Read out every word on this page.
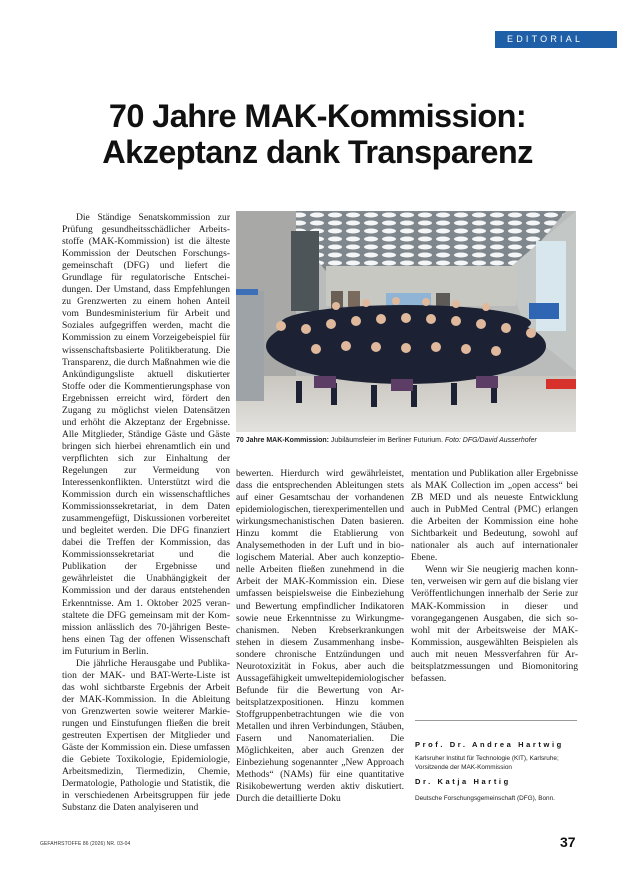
EDITORIAL
70 Jahre MAK-Kommission:
Akzeptanz dank Transparenz

Die Ständige Senatskommission zur Prüfung gesundheitsschädlicher Arbeitsstoffe (MAK-Kommission) ist die älteste Kommission der Deutschen Forschungsgemeinschaft (DFG) und liefert die Grundlage für regulatorische Entscheidungen. Der Umstand, dass Empfehlungen zu Grenzwerten zu einem hohen Anteil vom Bundesministerium für Arbeit und Soziales aufgegriffen werden, macht die Kommission zu einem Vorzeigebeispiel für wissenschaftsbasierte Politikberatung. Die Transparenz, die durch Maßnahmen wie die Ankündigungsliste aktuell diskutierter Stoffe oder die Kommentierungsphase von Ergebnissen erreicht wird, fördert den Zugang zu möglichst vielen Datensätzen und erhöht die Akzeptanz der Ergebnisse. Alle Mitglieder, Ständige Gäste und Gäste bringen sich hierbei ehrenamtlich ein und verpflichten sich zur Einhaltung der Regelungen zur Vermeidung von Interessenkonflikten. Unterstützt wird die Kommission durch ein wissenschaftliches Kommissionssekretariat, in dem Daten zusammengefügt, Diskussionen vorbereitet und begleitet werden. Die DFG finanziert dabei die Treffen der Kommission, das Kommissionssekretariat und die Publikation der Ergebnisse und gewährleistet die Unabhängigkeit der Kommission und der daraus entstehenden Erkenntnisse. Am 1. Oktober 2025 veranstaltete die DFG gemeinsam mit der Kommission anlässlich des 70-jährigen Bestehens einen Tag der offenen Wissenschaft im Futurium in Berlin.

Die jährliche Herausgabe und Publikation der MAK- und BAT-Werte-Liste ist das wohl sichtbarste Ergebnis der Arbeit der MAK-Kommission. In die Ableitung von Grenzwerten sowie weiterer Markierungen und Einstufungen fließen die breit gestreuten Expertisen der Mitglieder und Gäste der Kommission ein. Diese umfassen die Gebiete Toxikologie, Epidemiologie, Arbeitsmedizin, Tiermedizin, Chemie, Dermatologie, Pathologie und Statistik, die in verschiedenen Arbeitsgruppen für jede Substanz die Daten analyiseren und

70 Jahre MAK-Kommission: Jubiläumsfeier im Berliner Futurium. Foto: DFG/David Ausserhofer

bewerten. Hierdurch wird gewährleistet, dass die entsprechenden Ableitungen stets auf einer Gesamtschau der vorhandenen epidemiologischen, tierexperimentellen und wirkungsmechanistischen Daten basieren. Hinzu kommt die Etablierung von Analysemethoden in der Luft und in biologischem Material. Aber auch konzeptionelle Arbeiten fließen zunehmend in die Arbeit der MAK-Kommission ein. Diese umfassen beispielsweise die Einbeziehung und Bewertung empfindlicher Indikatoren sowie neue Erkenntnisse zu Wirkungmechanismen. Neben Krebserkrankungen stehen in diesem Zusammenhang insbesondere chronische Entzündungen und Neurotoxizität in Fokus, aber auch die Aussagefähigkeit umweltepidemiologischer Befunde für die Bewertung von Arbeitsplatzexpositionen. Hinzu kommen Stoffgruppenbetrachtungen wie die von Metallen und ihren Verbindungen, Stäuben, Fasern und Nanomaterialien. Die Möglichkeiten, aber auch Grenzen der Einbeziehung sogenannter „New Approach Methods“ (NAMs) für eine quantitative Risikobewertung werden aktiv diskutiert. Durch die detaillierte Doku

mentation und Publikation aller Ergebnisse als MAK Collection im „open access“ bei ZB MED und als neueste Entwicklung auch in PubMed Central (PMC) erlangen die Arbeiten der Kommission eine hohe Sichtbarkeit und Bedeutung, sowohl auf nationaler als auch auf internationaler Ebene.

Wenn wir Sie neugierig machen konnten, verweisen wir gern auf die bislang vier Veröffentlichungen innerhalb der Serie zur MAK-Kommission in dieser und vorangegangenen Ausgaben, die sich sowohl mit der Arbeitsweise der MAK-Kommission, ausgewählten Beispielen als auch mit neuen Messverfahren für Arbeitsplatzmessungen und Biomonitoring befassen.

Prof. Dr. Andrea Hartwig
Karlsruher Institut für Technologie (KIT), Karlsruhe; Vorsitzende der MAK-Kommission
Dr. Katja Hartig
Deutsche Forschungsgemeinschaft (DFG), Bonn.
GEFAHRSTOFFE 86 (2026) NR. 03-04	37
